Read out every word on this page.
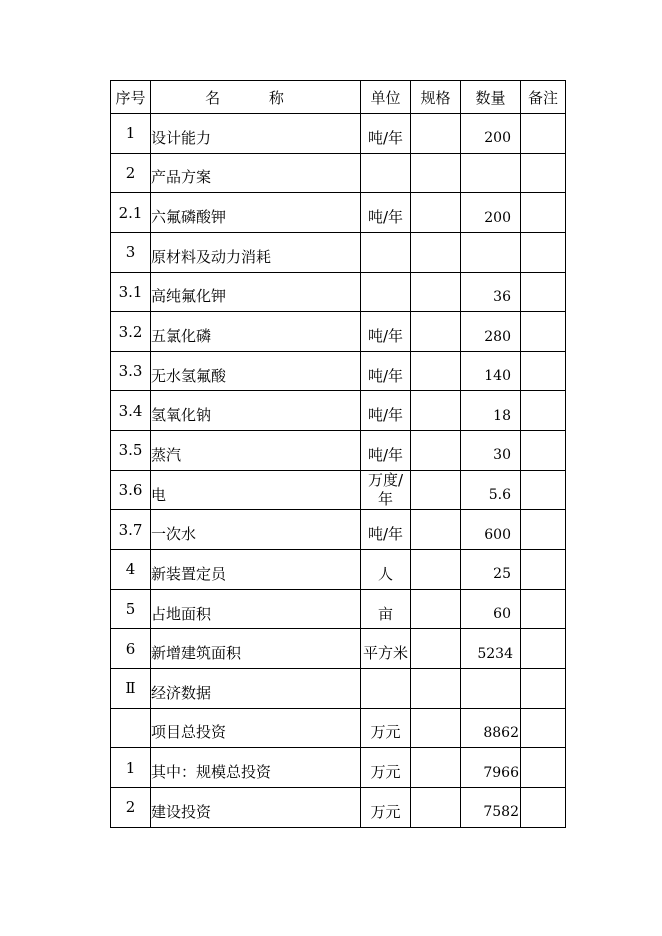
序号	名 称	单位	规格	数量	备注
1	设计能力	吨/年		200	
2	产品方案				
2.1	六氟磷酸钾	吨/年		200	
3	原材料及动力消耗				
3.1	高纯氟化钾			36	
3.2	五氯化磷	吨/年		280	
3.3	无水氢氟酸	吨/年		140	
3.4	氢氧化钠	吨/年		18	
3.5	蒸汽	吨/年		30	
3.6	电	万度/年		5.6	
3.7	一次水	吨/年		600	
4	新装置定员	人		25	
5	占地面积	亩		60	
6	新增建筑面积	平方米		5234	
Ⅱ	经济数据				
	项目总投资	万元		8862	
1	其中：规模总投资	万元		7966	
2	建设投资	万元		7582	
